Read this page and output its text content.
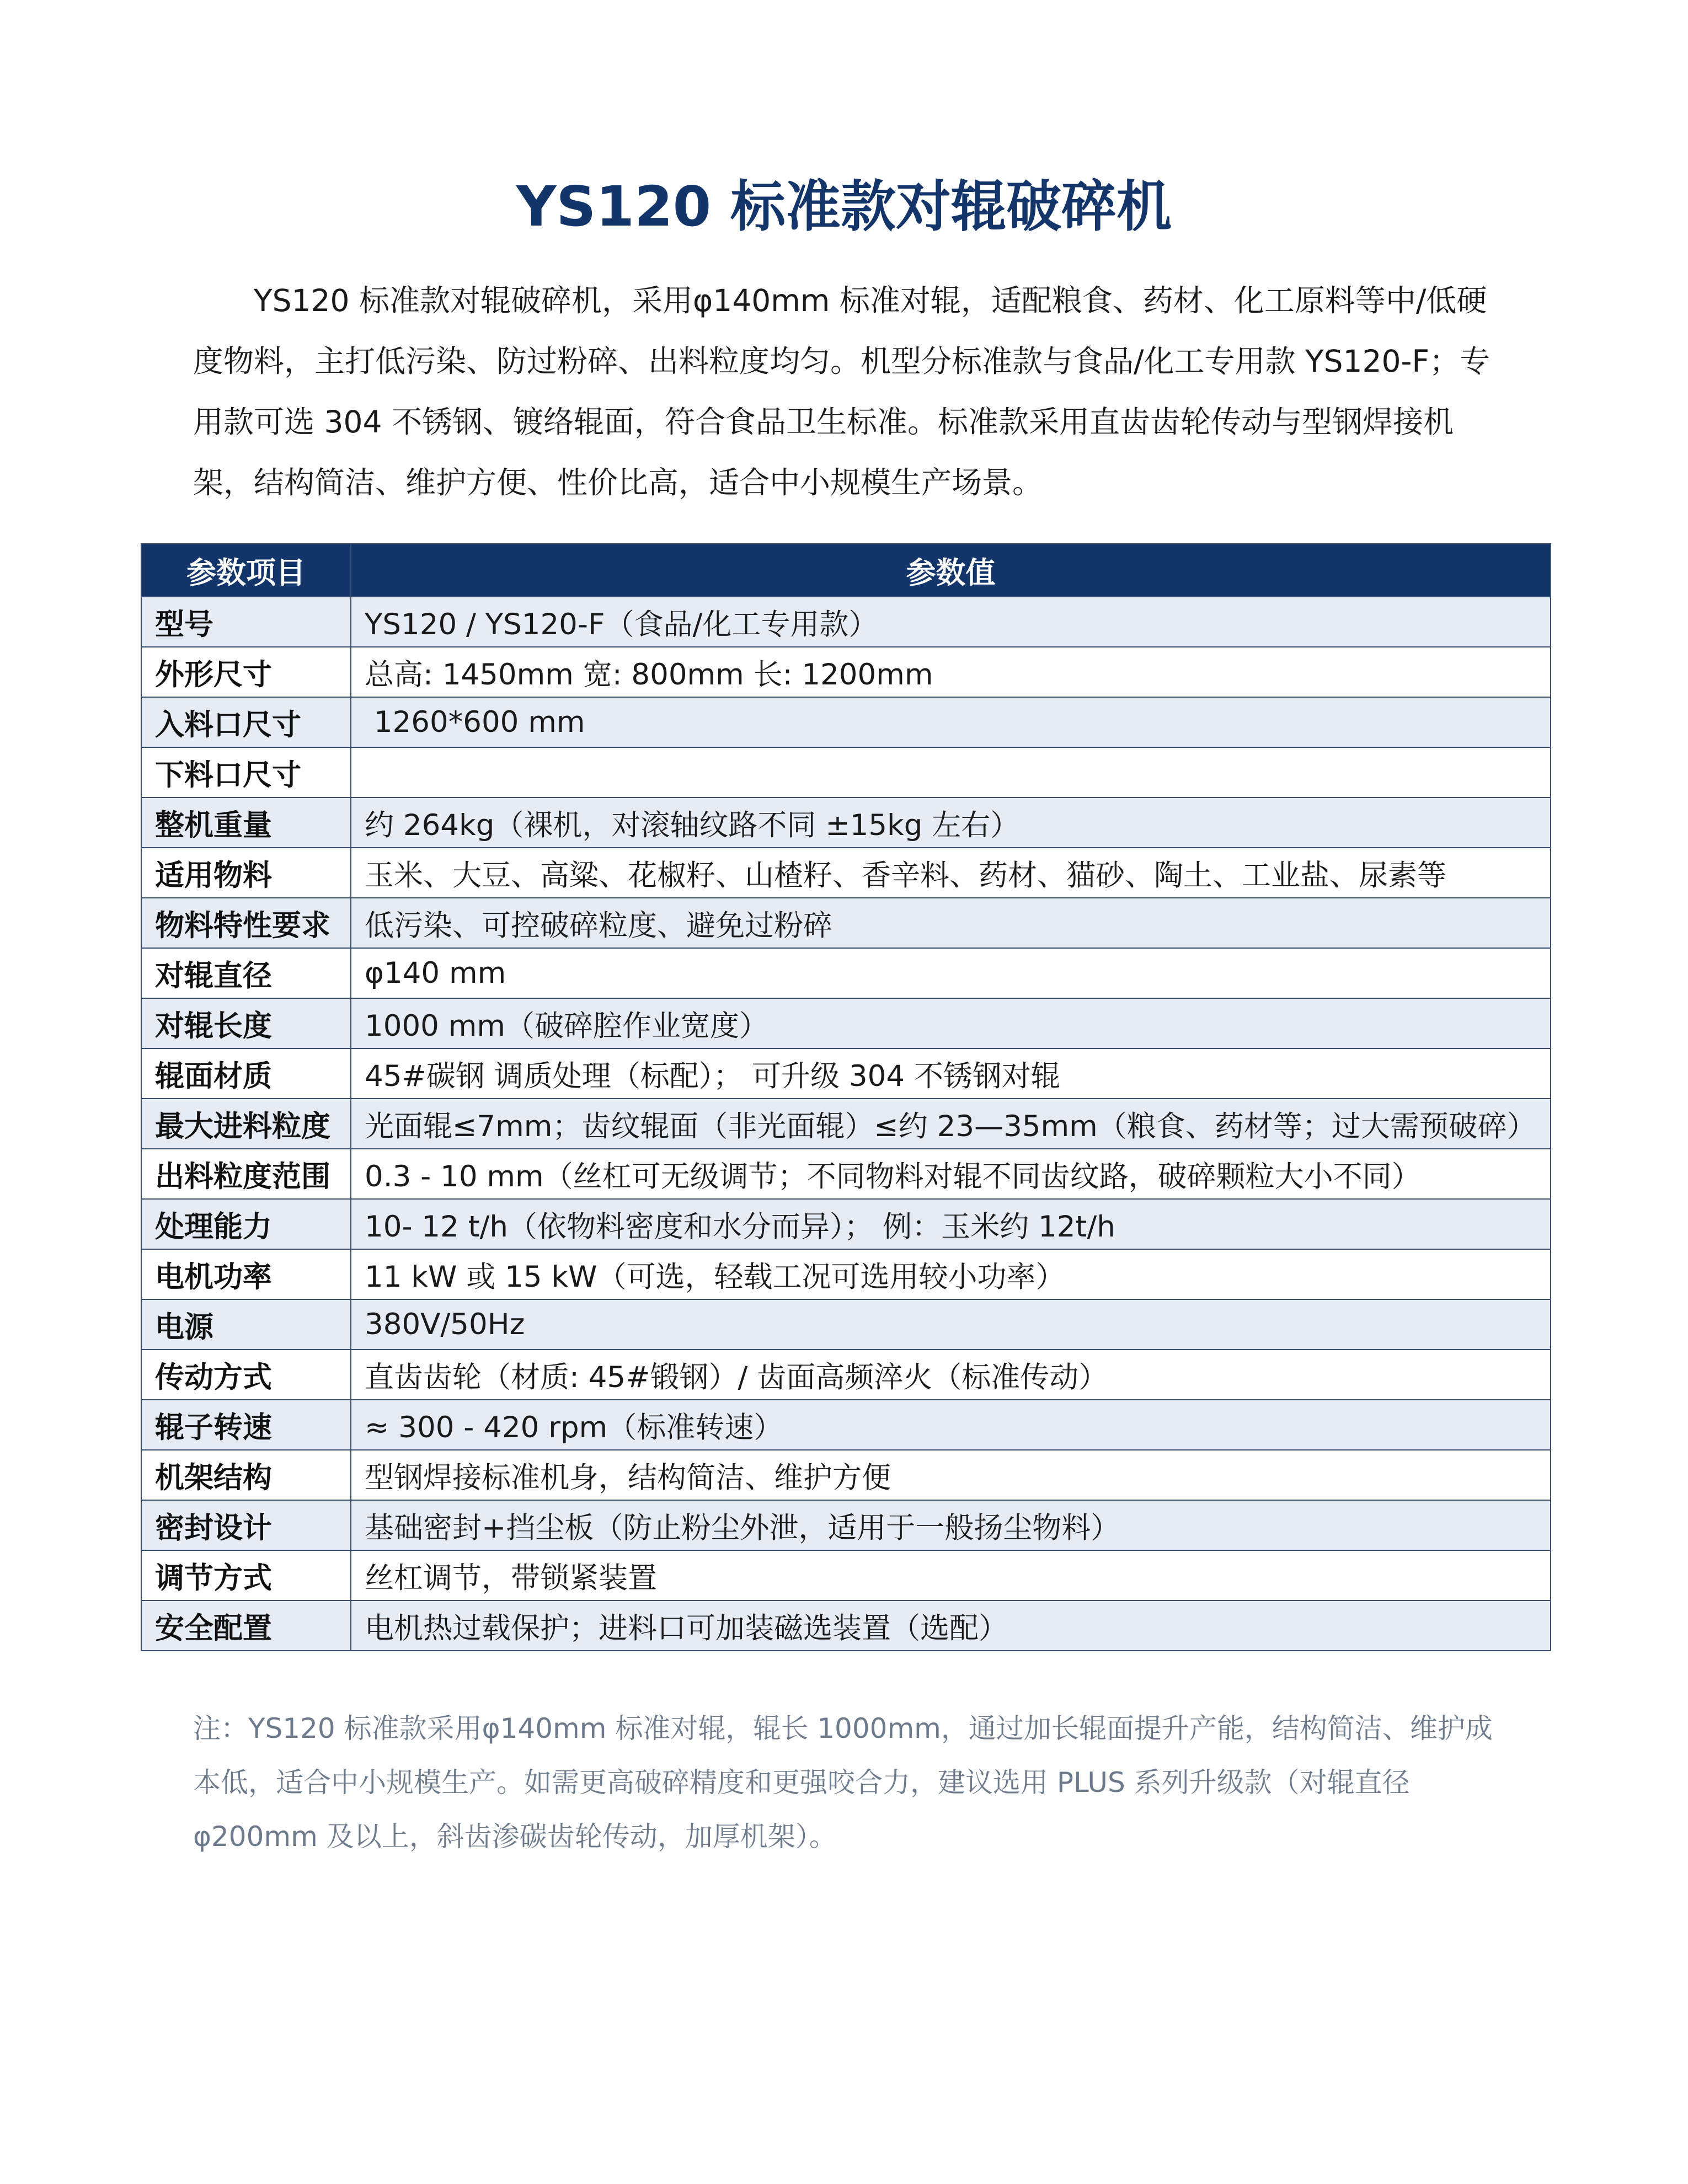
YS120 标准款对辊破碎机

YS120 标准款对辊破碎机，采用φ140mm 标准对辊，适配粮食、药材、化工原料等中/低硬度物料，主打低污染、防过粉碎、出料粒度均匀。机型分标准款与食品/化工专用款 YS120-F；专用款可选 304 不锈钢、镀络辊面，符合食品卫生标准。标准款采用直齿齿轮传动与型钢焊接机架，结构简洁、维护方便、性价比高，适合中小规模生产场景。

参数项目	参数值
型号	YS120 / YS120-F（食品/化工专用款）
外形尺寸	总高: 1450mm 宽: 800mm 长: 1200mm
入料口尺寸	1260*600 mm
下料口尺寸	
整机重量	约 264kg（裸机，对滚轴纹路不同 ±15kg 左右）
适用物料	玉米、大豆、高粱、花椒籽、山楂籽、香辛料、药材、猫砂、陶土、工业盐、尿素等
物料特性要求	低污染、可控破碎粒度、避免过粉碎
对辊直径	φ140 mm
对辊长度	1000 mm（破碎腔作业宽度）
辊面材质	45#碳钢 调质处理（标配）； 可升级 304 不锈钢对辊
最大进料粒度	光面辊≤7mm；齿纹辊面（非光面辊）≤约 23—35mm（粮食、药材等；过大需预破碎）
出料粒度范围	0.3 - 10 mm（丝杠可无级调节；不同物料对辊不同齿纹路，破碎颗粒大小不同）
处理能力	10- 12 t/h（依物料密度和水分而异）； 例：玉米约 12t/h
电机功率	11 kW 或 15 kW（可选，轻载工况可选用较小功率）
电源	380V/50Hz
传动方式	直齿齿轮（材质: 45#锻钢）/ 齿面高频淬火（标准传动）
辊子转速	≈ 300 - 420 rpm（标准转速）
机架结构	型钢焊接标准机身，结构简洁、维护方便
密封设计	基础密封+挡尘板（防止粉尘外泄，适用于一般扬尘物料）
调节方式	丝杠调节，带锁紧装置
安全配置	电机热过载保护；进料口可加装磁选装置（选配）

注：YS120 标准款采用φ140mm 标准对辊，辊长 1000mm，通过加长辊面提升产能，结构简洁、维护成本低，适合中小规模生产。如需更高破碎精度和更强咬合力，建议选用 PLUS 系列升级款（对辊直径φ200mm 及以上，斜齿渗碳齿轮传动，加厚机架）。
